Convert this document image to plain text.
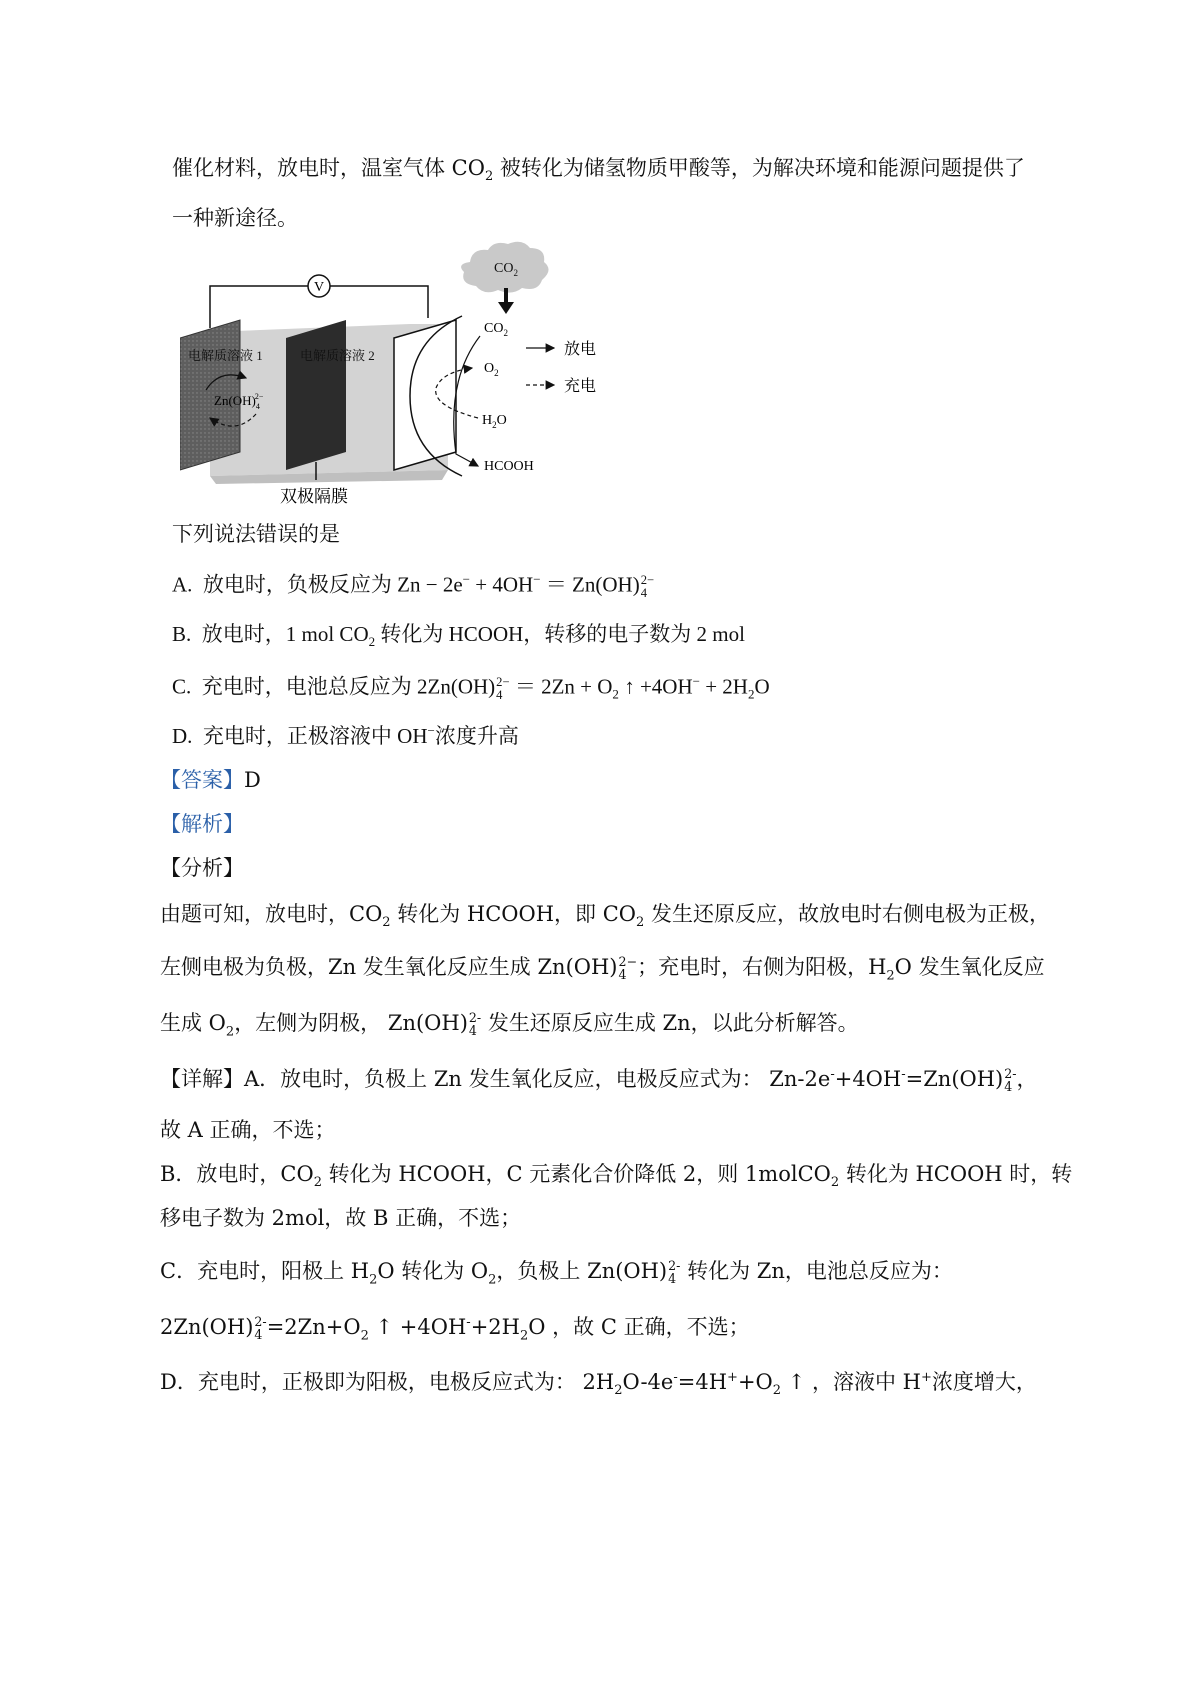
催化材料，放电时，温室气体 $CO_2$ 被转化为储氢物质甲酸等，为解决环境和能源问题提供了
一种新途径。
$CO_2$
V
电解质溶液 1	电解质溶液 2
$Zn(OH)_42-$
$CO_2$
$O_2$
$H_2O$
HCOOH
放电
充电
双极隔膜
下列说法错误的是
A. 放电时，负极反应为 Zn − 2e− + 4OH− ＝ Zn(OH) 2−
4
B. 放电时，1 mol $CO_2$ 转化为 HCOOH，转移的电子数为 2 mol
C. 充电时，电池总反应为 2Zn(OH) 2−
$4 = 2Zn + O_2$ ↑ $+4OH^- + 2H_2O$
D. 充电时，正极溶液中 OH−浓度升高
【答案】D
【解析】
【分析】
由题可知，放电时，$CO_2$ 转化为 HCOOH，即 $CO_2$ 发生还原反应，故放电时右侧电极为正极，
左侧电极为负极，Zn 发生氧化反应生成 Zn(OH) 2−
4 ；充电时，右侧为阳极，$H_2O$ 发生氧化反应
生成 $O_2$，左侧为阴极， Zn(OH) 2-
4 发生还原反应生成 Zn，以此分析解答。
【详解】A．放电时，负极上 Zn 发生氧化反应，电极反应式为： Zn-2e-+4OH-=Zn(OH) 2-
4 ，
故 A 正确，不选；
B．放电时，$CO_2$ 转化为 HCOOH，C 元素化合价降低 2，则 1molCO$_2$ 转化为 HCOOH 时，转
移电子数为 2mol，故 B 正确，不选；
C．充电时，阳极上 $H_2O$ 转化为 $O_2$，负极上 Zn(OH) 2-
4 转化为 Zn，电池总反应为：
2Zn(OH) 2-
$4 =2Zn+O_2$ ↑ $+4OH^-+2H_2O$ ，故 C 正确，不选；
D．充电时，正极即为阳极，电极反应式为： $2H_2O-4e^-=4H^++O_2$ ↑ ，溶液中 H+浓度增大，
